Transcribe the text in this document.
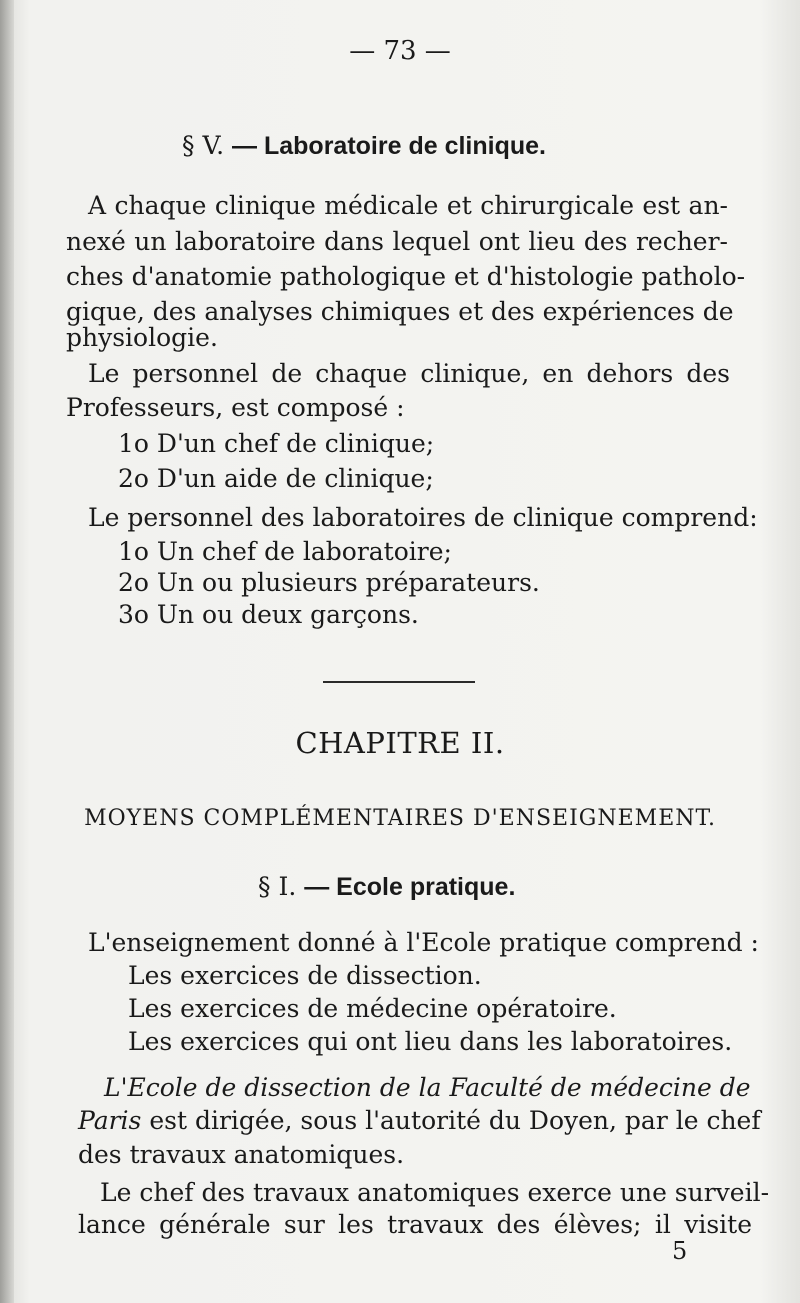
— 73 —
§ V. — Laboratoire de clinique.
A chaque clinique médicale et chirurgicale est an-
nexé un laboratoire dans lequel ont lieu des recher-
ches d'anatomie pathologique et d'histologie patholo-
gique, des analyses chimiques et des expériences de
physiologie.
Le personnel de chaque clinique, en dehors des
Professeurs, est composé :
1o D'un chef de clinique;
2o D'un aide de clinique;
Le personnel des laboratoires de clinique comprend:
1o Un chef de laboratoire;
2o Un ou plusieurs préparateurs.
3o Un ou deux garçons.
CHAPITRE II.
MOYENS COMPLÉMENTAIRES D'ENSEIGNEMENT.
§ I. — Ecole pratique.
L'enseignement donné à l'Ecole pratique comprend :
Les exercices de dissection.
Les exercices de médecine opératoire.
Les exercices qui ont lieu dans les laboratoires.
L'Ecole de dissection de la Faculté de médecine de
Paris est dirigée, sous l'autorité du Doyen, par le chef
des travaux anatomiques.
Le chef des travaux anatomiques exerce une surveil-
lance générale sur les travaux des élèves; il visite
5
